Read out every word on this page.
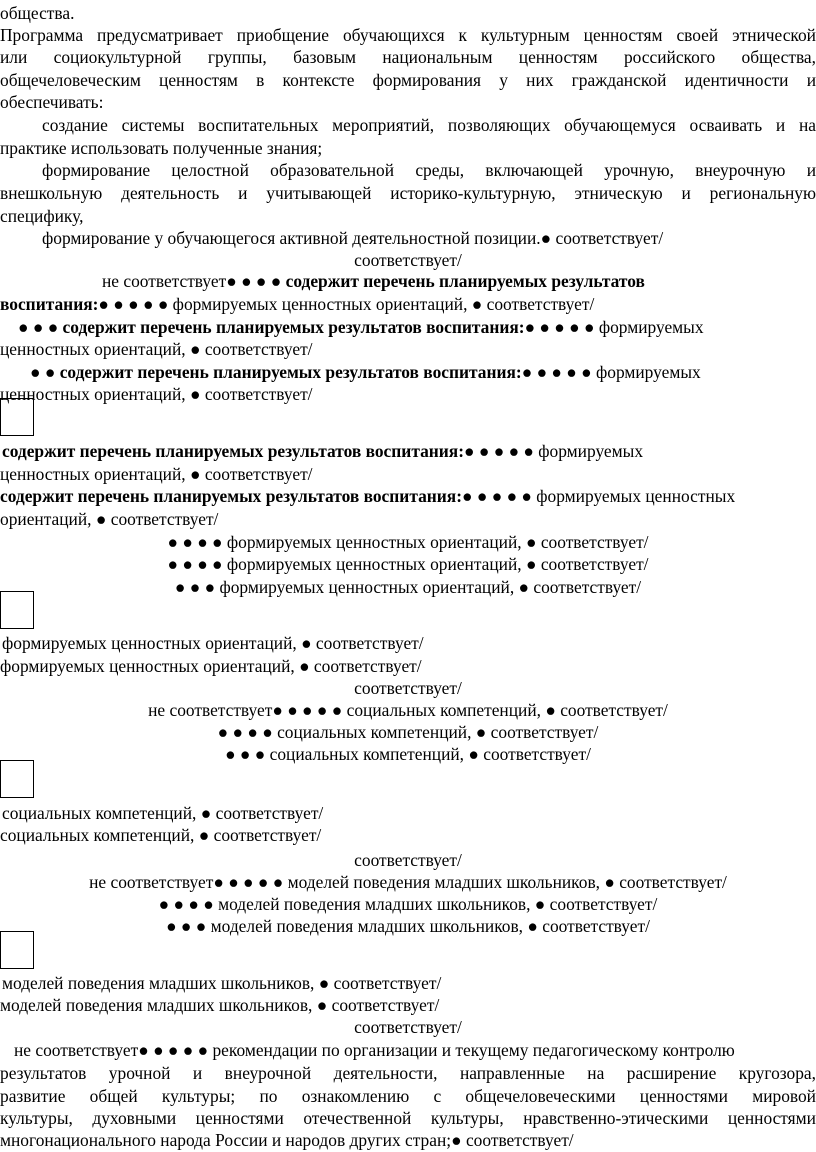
общества.
Программа предусматривает приобщение обучающихся к культурным ценностям своей этнической
или социокультурной группы, базовым национальным ценностям российского общества,
общечеловеческим ценностям в контексте формирования у них гражданской идентичности и
обеспечивать:
создание системы воспитательных мероприятий, позволяющих обучающемуся осваивать и на
практике использовать полученные знания;
формирование целостной образовательной среды, включающей урочную, внеурочную и
внешкольную деятельность и учитывающей историко-культурную, этническую и региональную
специфику,
формирование у обучающегося активной деятельностной позиции.● соответствует/
соответствует/
не соответствует● ● ● ● содержит перечень планируемых результатов
воспитания:● ● ● ● ● формируемых ценностных ориентаций, ● соответствует/
● ● ● содержит перечень планируемых результатов воспитания:● ● ● ● ● формируемых
ценностных ориентаций, ● соответствует/
● ● содержит перечень планируемых результатов воспитания:● ● ● ● ● формируемых
ценностных ориентаций, ● соответствует/
содержит перечень планируемых результатов воспитания:● ● ● ● ● формируемых
ценностных ориентаций, ● соответствует/
содержит перечень планируемых результатов воспитания:● ● ● ● ● формируемых ценностных
ориентаций, ● соответствует/
● ● ● ● формируемых ценностных ориентаций, ● соответствует/
● ● ● ● формируемых ценностных ориентаций, ● соответствует/
● ● ● формируемых ценностных ориентаций, ● соответствует/
формируемых ценностных ориентаций, ● соответствует/
формируемых ценностных ориентаций, ● соответствует/
соответствует/
не соответствует● ● ● ● ● социальных компетенций, ● соответствует/
● ● ● ● социальных компетенций, ● соответствует/
● ● ● социальных компетенций, ● соответствует/
социальных компетенций, ● соответствует/
социальных компетенций, ● соответствует/
соответствует/
не соответствует● ● ● ● ● моделей поведения младших школьников, ● соответствует/
● ● ● ● моделей поведения младших школьников, ● соответствует/
● ● ● моделей поведения младших школьников, ● соответствует/
моделей поведения младших школьников, ● соответствует/
моделей поведения младших школьников, ● соответствует/
соответствует/
не соответствует● ● ● ● ● рекомендации по организации и текущему педагогическому контролю
результатов урочной и внеурочной деятельности, направленные на расширение кругозора,
развитие общей культуры; по ознакомлению с общечеловеческими ценностями мировой
культуры, духовными ценностями отечественной культуры, нравственно-этическими ценностями
многонационального народа России и народов других стран;● соответствует/
